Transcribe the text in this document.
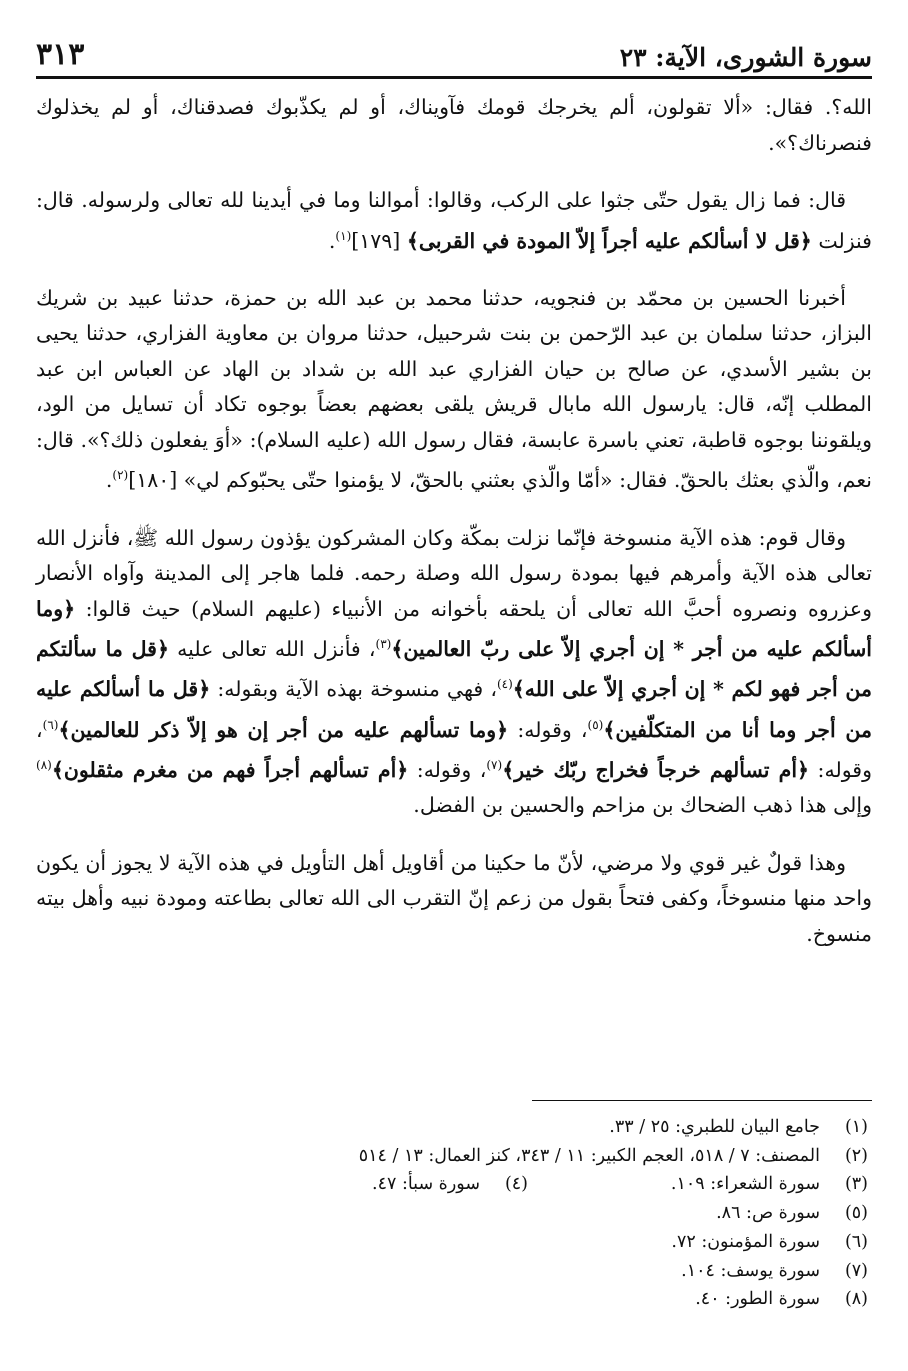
سورة الشورى، الآية: ٢٣
٣١٣

الله؟. فقال: «ألا تقولون، ألم يخرجك قومك فآويناك، أو لم يكذّبوك فصدقناك، أو لم يخذلوك فنصرناك؟».

قال: فما زال يقول حتّى جثوا على الركب، وقالوا: أموالنا وما في أيدينا لله تعالى ولرسوله. قال: فنزلت ﴿قل لا أسألكم عليه أجراً إلاّ المودة في القربى﴾ [١٧٩]$^{(١)}$.

أخبرنا الحسين بن محمّد بن فنجويه، حدثنا محمد بن عبد الله بن حمزة، حدثنا عبيد بن شريك البزاز، حدثنا سلمان بن عبد الرّحمن بن بنت شرحبيل، حدثنا مروان بن معاوية الفزاري، حدثنا يحيى بن بشير الأسدي، عن صالح بن حيان الفزاري عبد الله بن شداد بن الهاد عن العباس ابن عبد المطلب إنّه، قال: يارسول الله مابال قريش يلقى بعضهم بعضاً بوجوه تكاد أن تسايل من الود، ويلقوننا بوجوه قاطبة، تعني باسرة عابسة، فقال رسول الله (عليه السلام): «أوَ يفعلون ذلك؟». قال: نعم، والّذي بعثك بالحقّ. فقال: «أمّا والّذي بعثني بالحقّ، لا يؤمنوا حتّى يحبّوكم لي» [١٨٠]$^{(٢)}$.

وقال قوم: هذه الآية منسوخة فإنّما نزلت بمكّة وكان المشركون يؤذون رسول الله ﷺ، فأنزل الله تعالى هذه الآية وأمرهم فيها بمودة رسول الله وصلة رحمه. فلما هاجر إلى المدينة وآواه الأنصار وعزروه ونصروه أحبَّ الله تعالى أن يلحقه بأخوانه من الأنبياء (عليهم السلام) حيث قالوا: ﴿وما أسألكم عليه من أجر * إن أجري إلاّ على ربّ العالمين﴾$^{(٣)}$، فأنزل الله تعالى عليه ﴿قل ما سألتكم من أجر فهو لكم * إن أجري إلاّ على الله﴾$^{(٤)}$، فهي منسوخة بهذه الآية وبقوله: ﴿قل ما أسألكم عليه من أجر وما أنا من المتكلّفين﴾$^{(٥)}$، وقوله: ﴿وما تسألهم عليه من أجر إن هو إلاّ ذكر للعالمين﴾$^{(٦)}$، وقوله: ﴿أم تسألهم خرجاً فخراج ربّك خير﴾$^{(٧)}$، وقوله: ﴿أم تسألهم أجراً فهم من مغرم مثقلون﴾$^{(٨)}$ وإلى هذا ذهب الضحاك بن مزاحم والحسين بن الفضل.

وهذا قولٌ غير قوي ولا مرضي، لأنّ ما حكينا من أقاويل أهل التأويل في هذه الآية لا يجوز أن يكون واحد منها منسوخاً، وكفى فتحاً بقول من زعم إنّ التقرب الى الله تعالى بطاعته ومودة نبيه وأهل بيته منسوخ.

(١)
جامع البيان للطبري: ٢٥ / ٣٣.
(٢)
المصنف: ٧ / ٥١٨، العجم الكبير: ١١ / ٣٤٣، كنز العمال: ١٣ / ٥١٤
(٣)
سورة الشعراء: ١٠٩.
(٤)
سورة سبأ: ٤٧.
(٥)
سورة ص: ٨٦.
(٦)
سورة المؤمنون: ٧٢.
(٧)
سورة يوسف: ١٠٤.
(٨)
سورة الطور: ٤٠.
